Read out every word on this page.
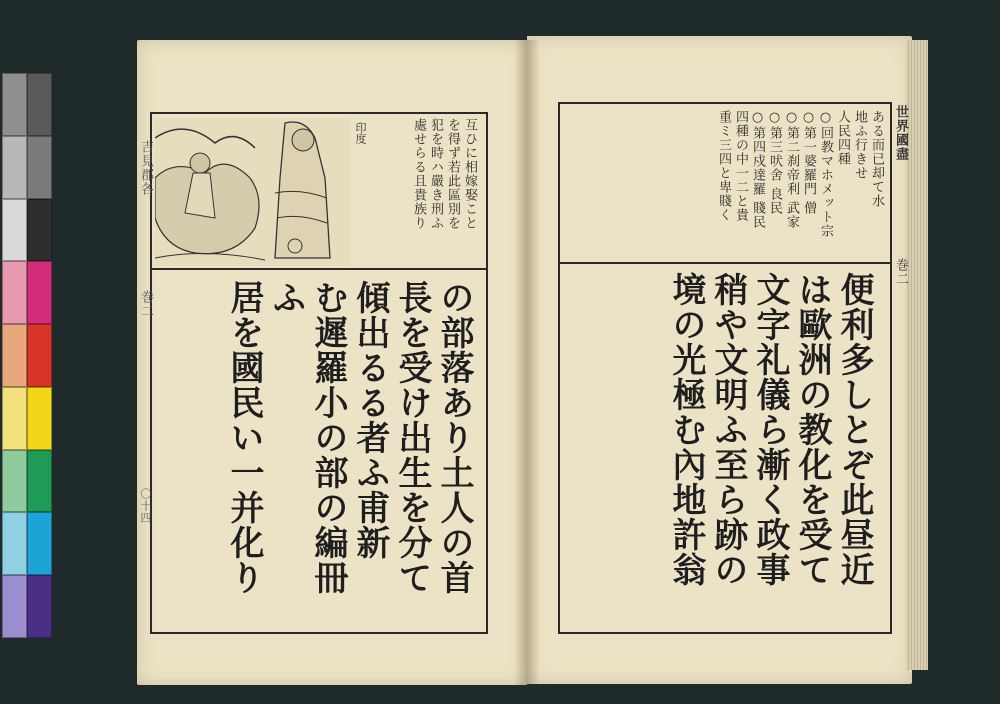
印度	互ひに相嫁娶こと
を得ず若此區別を
犯を時ハ嚴き刑ふ
處せらる且貴族り
の部落あり土人の首
長を受け出生を分て
傾出るる者ふ甫新
む遲羅小の部の編冊ふ
居を國民い一并化り
吉見郡各
巻二
〇十四
ある而已却て水
地ふ行きせ
人民四種
○回教マホメット宗
○第一婆羅門 僧
○第二刹帝利 武家
○第三吠舍 良民
○第四戍達羅 賤民
四種の中一二と貴
重ミ三四と卑賤く
便利多しとぞ此昼近
は歐洲の教化を受て
文字礼儀ら漸く政事
稍や文明ふ至ら跡の
境の光極む內地許翁
世界國盡
巻二
